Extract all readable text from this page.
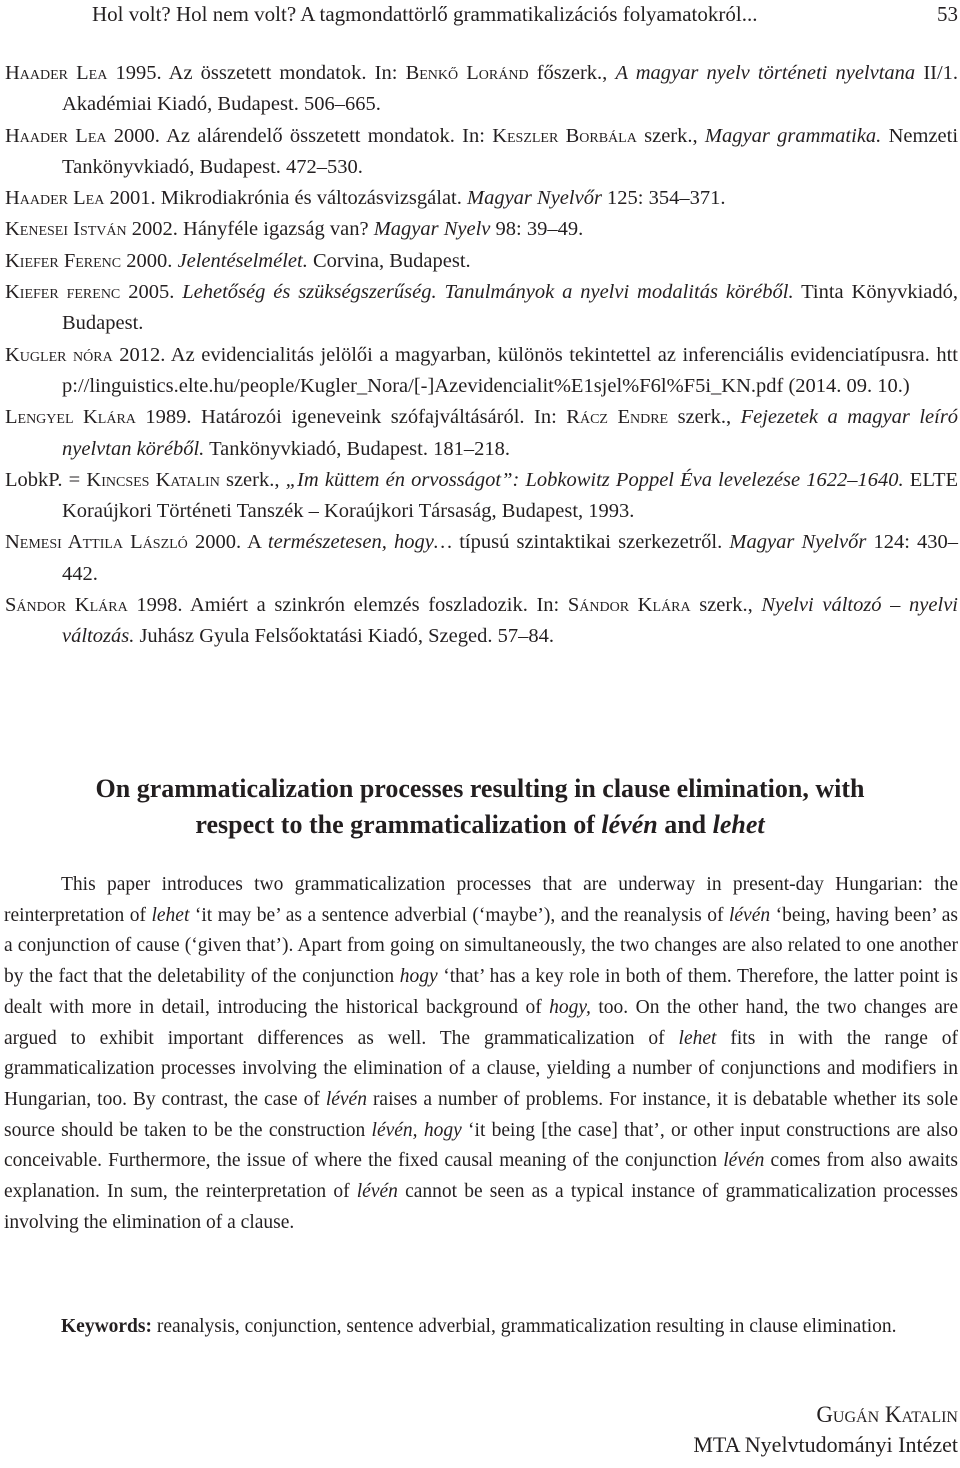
Hol volt? Hol nem volt? A tagmondattörlő grammatikalizációs folyamatokról...	53
Haader Lea 1995. Az összetett mondatok. In: Benkő Loránd főszerk., A magyar nyelv történeti nyelvtana II/1. Akadémiai Kiadó, Budapest. 506–665.
Haader Lea 2000. Az alárendelő összetett mondatok. In: Keszler Borbála szerk., Magyar grammatika. Nemzeti Tankönyvkiadó, Budapest. 472–530.
Haader Lea 2001. Mikrodiakrónia és változásvizsgálat. Magyar Nyelvőr 125: 354–371.
Kenesei István 2002. Hányféle igazság van? Magyar Nyelv 98: 39–49.
Kiefer Ferenc 2000. Jelentéselmélet. Corvina, Budapest.
Kiefer ferenc 2005. Lehetőség és szükségszerűség. Tanulmányok a nyelvi modalitás köréből. Tinta Könyvkiadó, Budapest.
Kugler nóra 2012. Az evidencialitás jelölői a magyarban, különös tekintettel az inferenciális evidenciatípusra. http://linguistics.elte.hu/people/Kugler_Nora/[-]Azevidencialit%E1sjel%F6l%F5i_KN.pdf (2014. 09. 10.)
Lengyel Klára 1989. Határozói igeneveink szófajváltásáról. In: Rácz Endre szerk., Fejezetek a magyar leíró nyelvtan köréből. Tankönyvkiadó, Budapest. 181–218.
LobkP. = Kincses Katalin szerk., „Im küttem én orvosságot”: Lobkowitz Poppel Éva levelezése 1622–1640. ELTE Koraújkori Történeti Tanszék – Koraújkori Társaság, Budapest, 1993.
Nemesi Attila László 2000. A természetesen, hogy… típusú szintaktikai szerkezetről. Magyar Nyelvőr 124: 430–442.
Sándor Klára 1998. Amiért a szinkrón elemzés foszladozik. In: Sándor Klára szerk., Nyelvi változó – nyelvi változás. Juhász Gyula Felsőoktatási Kiadó, Szeged. 57–84.
On grammaticalization processes resulting in clause elimination, with
respect to the grammaticalization of lévén and lehet
This paper introduces two grammaticalization processes that are underway in present-day Hungarian: the reinterpretation of lehet ‘it may be’ as a sentence adverbial (‘maybe’), and the reanalysis of lévén ‘being, having been’ as a conjunction of cause (‘given that’). Apart from going on simultaneously, the two changes are also related to one another by the fact that the deletability of the conjunction hogy ‘that’ has a key role in both of them. Therefore, the latter point is dealt with more in detail, introducing the historical background of hogy, too. On the other hand, the two changes are argued to exhibit important differences as well. The grammaticalization of lehet fits in with the range of grammaticalization processes involving the elimination of a clause, yielding a number of conjunctions and modifiers in Hungarian, too. By contrast, the case of lévén raises a number of problems. For instance, it is debatable whether its sole source should be taken to be the construction lévén, hogy ‘it being [the case] that’, or other input constructions are also conceivable. Furthermore, the issue of where the fixed causal meaning of the conjunction lévén comes from also awaits explanation. In sum, the reinterpretation of lévén cannot be seen as a typical instance of grammaticalization processes involving the elimination of a clause.
Keywords: reanalysis, conjunction, sentence adverbial, grammaticalization resulting in clause elimination.
Gugán Katalin
MTA Nyelvtudományi Intézet
